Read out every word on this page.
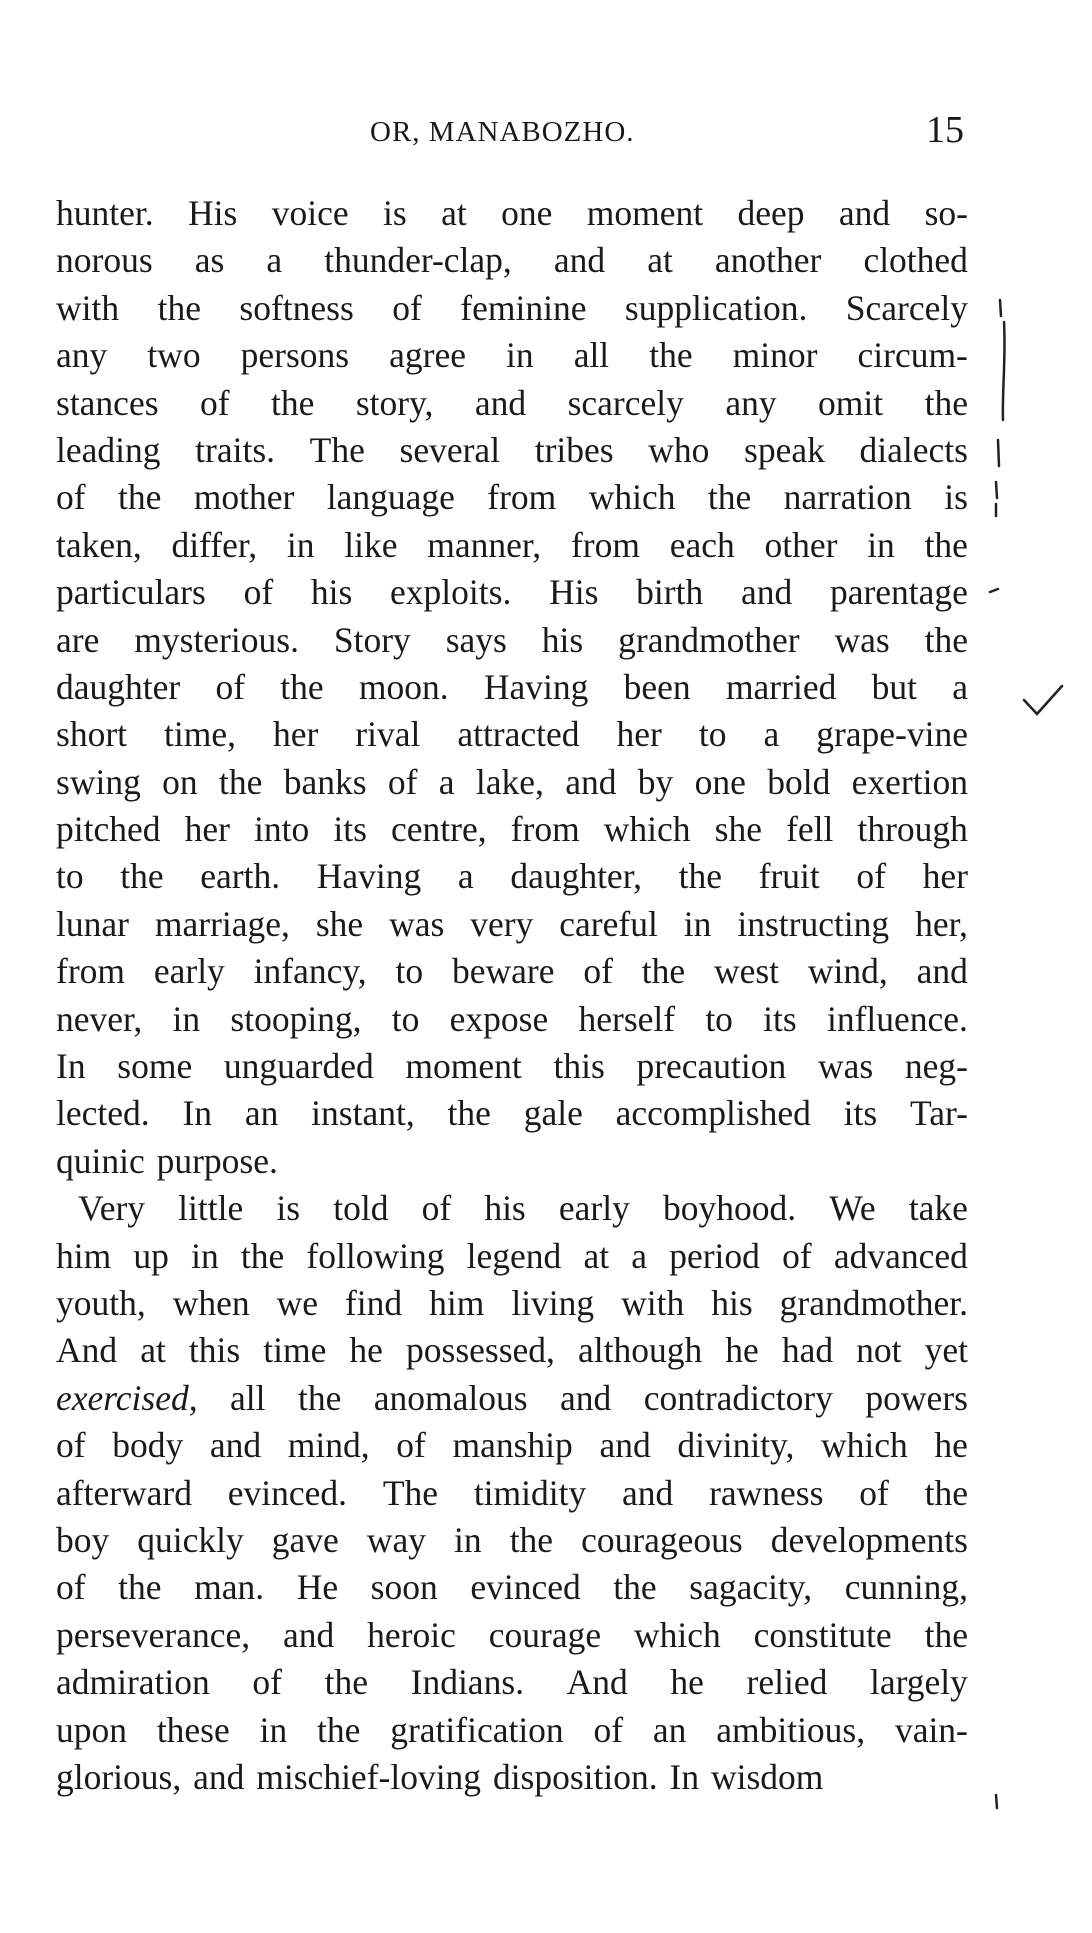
OR, MANABOZHO.	15
hunter. His voice is at one moment deep and so-
norous as a thunder-clap, and at another clothed
with the softness of feminine supplication. Scarcely
any two persons agree in all the minor circum-
stances of the story, and scarcely any omit the
leading traits. The several tribes who speak dialects
of the mother language from which the narration is
taken, differ, in like manner, from each other in the
particulars of his exploits. His birth and parentage
are mysterious. Story says his grandmother was the
daughter of the moon. Having been married but a
short time, her rival attracted her to a grape-vine
swing on the banks of a lake, and by one bold exertion
pitched her into its centre, from which she fell through
to the earth. Having a daughter, the fruit of her
lunar marriage, she was very careful in instructing her,
from early infancy, to beware of the west wind, and
never, in stooping, to expose herself to its influence.
In some unguarded moment this precaution was neg-
lected. In an instant, the gale accomplished its Tar-
quinic
purpose.
Very little is told of his early boyhood. We take
him up in the following legend at a period of advanced
youth, when we find him living with his grandmother.
And at this time he possessed, although he had not yet
exercised, all the anomalous and contradictory powers
of body and mind, of manship and divinity, which he
afterward evinced. The timidity and rawness of the
boy quickly gave way in the courageous developments
of the man. He soon evinced the sagacity, cunning,
perseverance, and heroic courage which constitute the
admiration of the Indians. And he relied largely
upon these in the gratification of an ambitious, vain-
glorious,
and
mischief-loving
disposition.
In
wisdom
